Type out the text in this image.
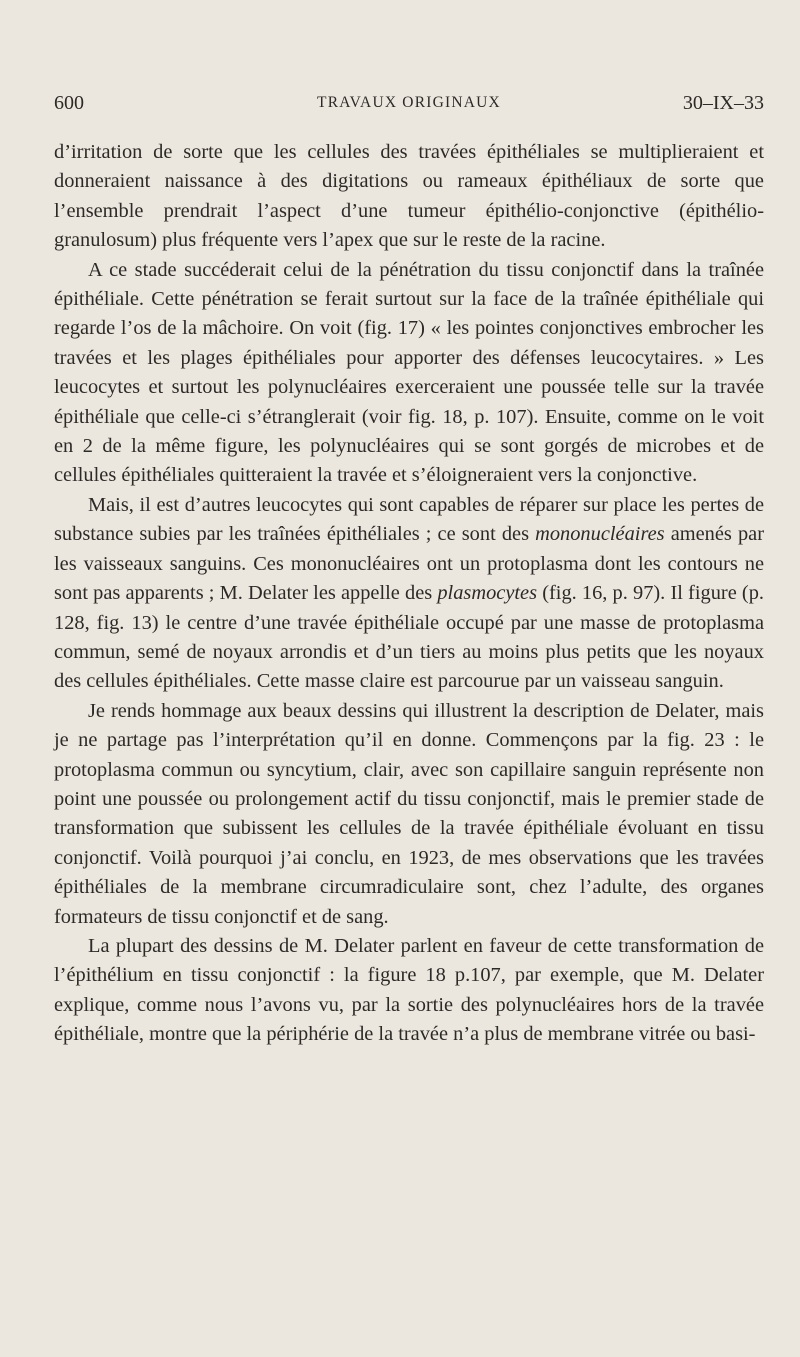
600	TRAVAUX ORIGINAUX	30–IX–33

d’irritation de sorte que les cellules des travées épithéliales se multiplieraient et donneraient naissance à des digitations ou rameaux épithéliaux de sorte que l’ensemble prendrait l’aspect d’une tumeur épithélio-conjonctive (épithélio-granulosum) plus fréquente vers l’apex que sur le reste de la racine.

A ce stade succéderait celui de la pénétration du tissu conjonctif dans la traînée épithéliale. Cette pénétration se ferait surtout sur la face de la traînée épithéliale qui regarde l’os de la mâchoire. On voit (fig. 17) « les pointes conjonctives embrocher les travées et les plages épithéliales pour apporter des défenses leucocytaires. » Les leucocytes et surtout les polynucléaires exerceraient une poussée telle sur la travée épithéliale que celle-ci s’étranglerait (voir fig. 18, p. 107). Ensuite, comme on le voit en 2 de la même figure, les polynucléaires qui se sont gorgés de microbes et de cellules épithéliales quitteraient la travée et s’éloigneraient vers la conjonctive.

Mais, il est d’autres leucocytes qui sont capables de réparer sur place les pertes de substance subies par les traînées épithéliales ; ce sont des mononucléaires amenés par les vaisseaux sanguins. Ces mononucléaires ont un protoplasma dont les contours ne sont pas apparents ; M. Delater les appelle des plasmocytes (fig. 16, p. 97). Il figure (p. 128, fig. 13) le centre d’une travée épithéliale occupé par une masse de protoplasma commun, semé de noyaux arrondis et d’un tiers au moins plus petits que les noyaux des cellules épithéliales. Cette masse claire est parcourue par un vaisseau sanguin.

Je rends hommage aux beaux dessins qui illustrent la description de Delater, mais je ne partage pas l’interprétation qu’il en donne. Commençons par la fig. 23 : le protoplasma commun ou syncytium, clair, avec son capillaire sanguin représente non point une poussée ou prolongement actif du tissu conjonctif, mais le premier stade de transformation que subissent les cellules de la travée épithéliale évoluant en tissu conjonctif. Voilà pourquoi j’ai conclu, en 1923, de mes observations que les travées épithéliales de la membrane circumradiculaire sont, chez l’adulte, des organes formateurs de tissu conjonctif et de sang.

La plupart des dessins de M. Delater parlent en faveur de cette transformation de l’épithélium en tissu conjonctif : la figure 18 p.107, par exemple, que M. Delater explique, comme nous l’avons vu, par la sortie des polynucléaires hors de la travée épithéliale, montre que la périphérie de la travée n’a plus de membrane vitrée ou basi-
